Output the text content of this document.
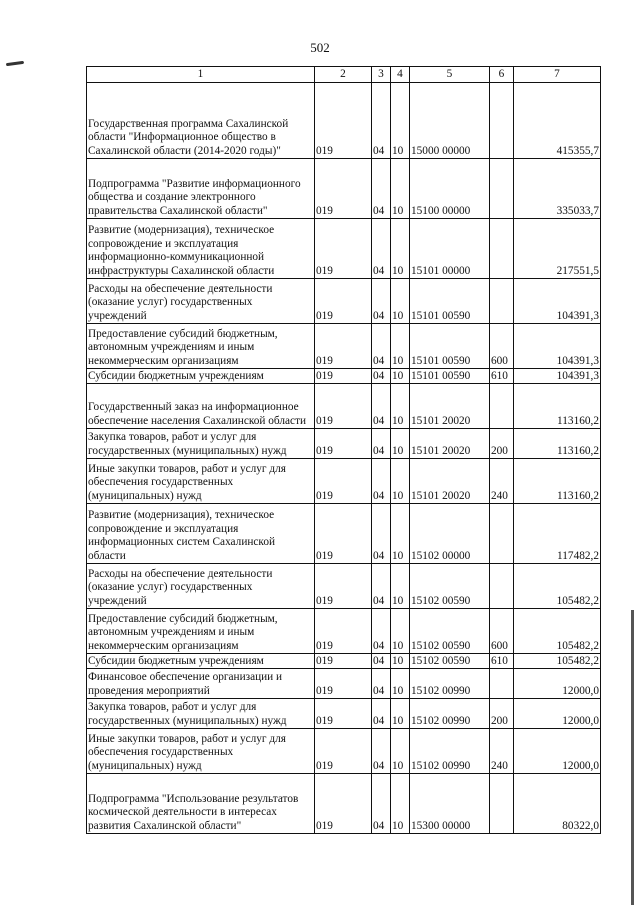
502
1	2	3	4	5	6	7
Государственная программа Сахалинской области "Информационное общество в Сахалинской области (2014-2020 годы)"	019	04	10	15000 00000		415355,7
Подпрограмма "Развитие информационного общества и создание электронного правительства Сахалинской области"	019	04	10	15100 00000		335033,7
Развитие (модернизация), техническое сопровождение и эксплуатация информационно-коммуникационной инфраструктуры Сахалинской области	019	04	10	15101 00000		217551,5
Расходы на обеспечение деятельности (оказание услуг) государственных учреждений	019	04	10	15101 00590		104391,3
Предоставление субсидий бюджетным, автономным учреждениям и иным некоммерческим организациям	019	04	10	15101 00590	600	104391,3
Субсидии бюджетным учреждениям	019	04	10	15101 00590	610	104391,3
Государственный заказ на информационное обеспечение населения Сахалинской области	019	04	10	15101 20020		113160,2
Закупка товаров, работ и услуг для государственных (муниципальных) нужд	019	04	10	15101 20020	200	113160,2
Иные закупки товаров, работ и услуг для обеспечения государственных (муниципальных) нужд	019	04	10	15101 20020	240	113160,2
Развитие (модернизация), техническое сопровождение и эксплуатация информационных систем Сахалинской области	019	04	10	15102 00000		117482,2
Расходы на обеспечение деятельности (оказание услуг) государственных учреждений	019	04	10	15102 00590		105482,2
Предоставление субсидий бюджетным, автономным учреждениям и иным некоммерческим организациям	019	04	10	15102 00590	600	105482,2
Субсидии бюджетным учреждениям	019	04	10	15102 00590	610	105482,2
Финансовое обеспечение организации и проведения мероприятий	019	04	10	15102 00990		12000,0
Закупка товаров, работ и услуг для государственных (муниципальных) нужд	019	04	10	15102 00990	200	12000,0
Иные закупки товаров, работ и услуг для обеспечения государственных (муниципальных) нужд	019	04	10	15102 00990	240	12000,0
Подпрограмма "Использование результатов космической деятельности в интересах развития Сахалинской области"	019	04	10	15300 00000		80322,0
